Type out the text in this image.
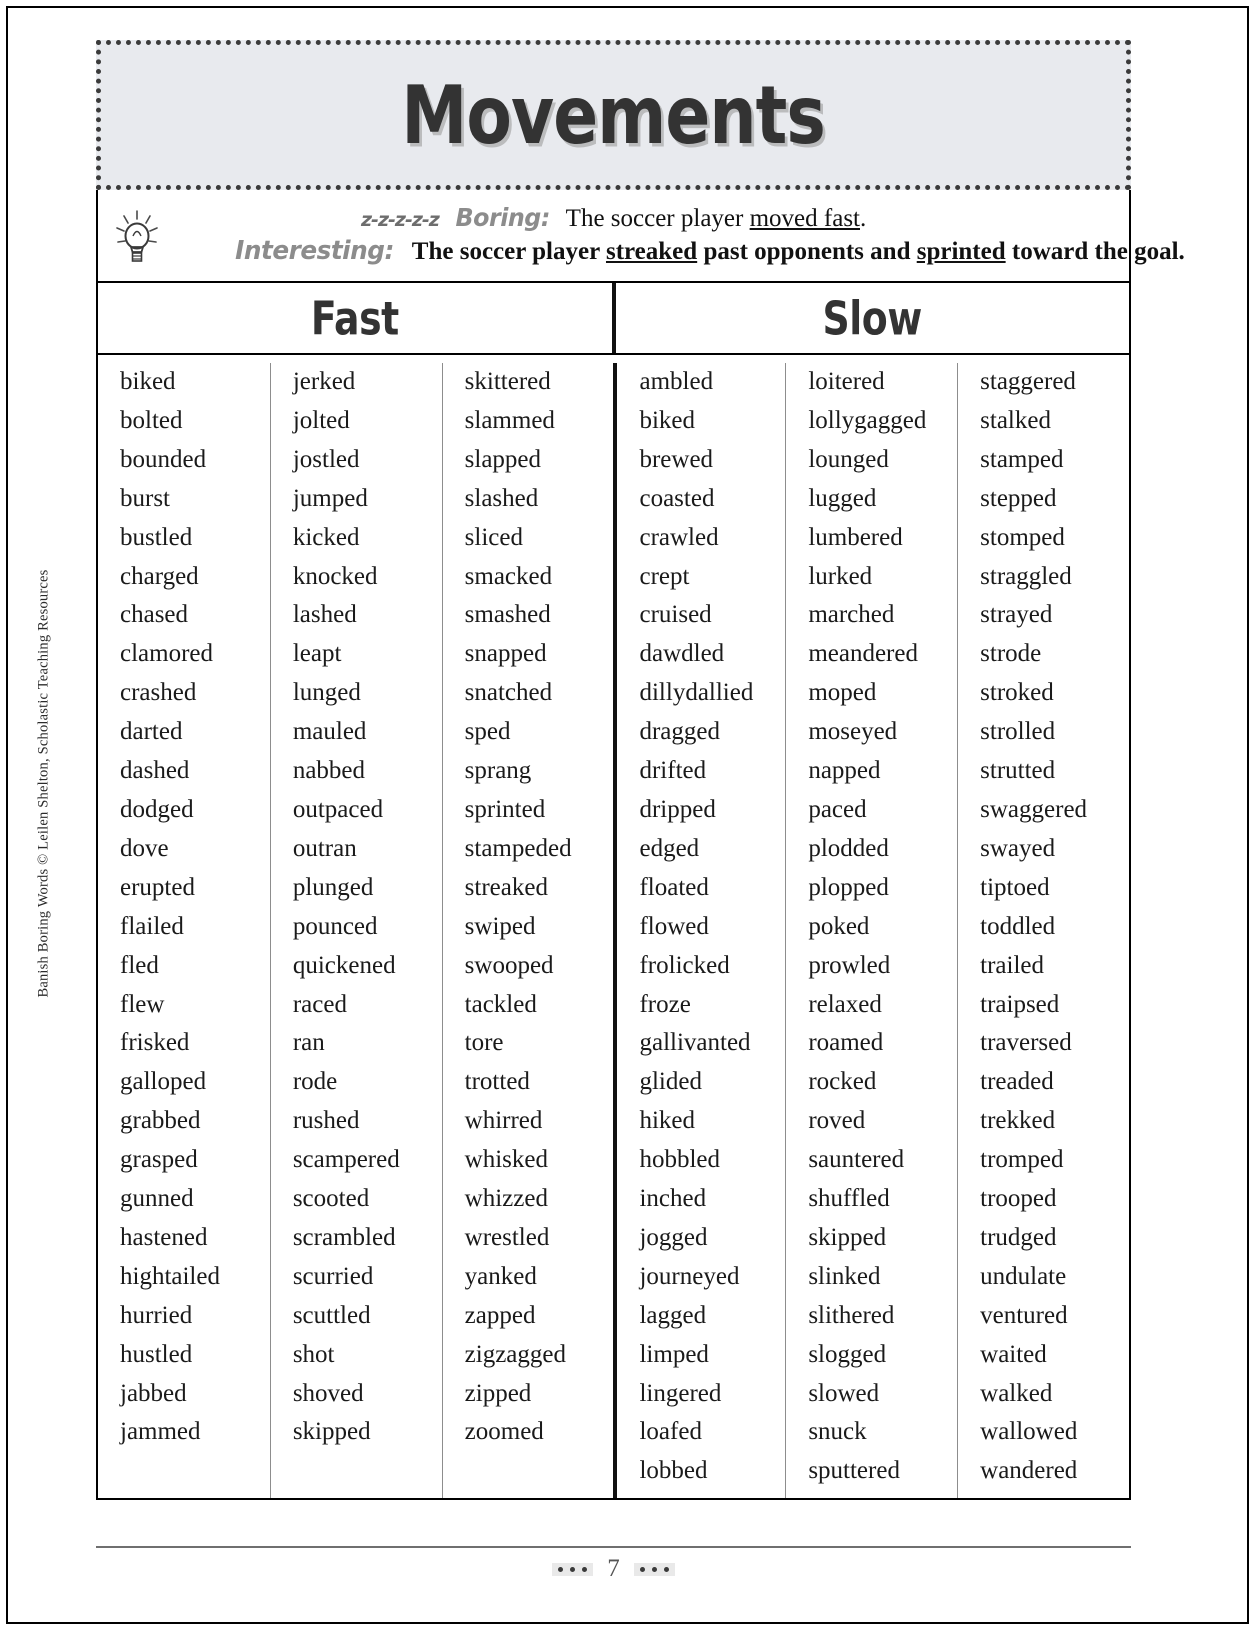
Banish Boring Words © Leilen Shelton, Scholastic Teaching Resources
Movements
z-z-z-z-z Boring: The soccer player moved fast.
Interesting: The soccer player streaked past opponents and sprinted toward the goal.
Fast	Slow
biked
bolted
bounded
burst
bustled
charged
chased
clamored
crashed
darted
dashed
dodged
dove
erupted
flailed
fled
flew
frisked
galloped
grabbed
grasped
gunned
hastened
hightailed
hurried
hustled
jabbed
jammed
jerked
jolted
jostled
jumped
kicked
knocked
lashed
leapt
lunged
mauled
nabbed
outpaced
outran
plunged
pounced
quickened
raced
ran
rode
rushed
scampered
scooted
scrambled
scurried
scuttled
shot
shoved
skipped
skittered
slammed
slapped
slashed
sliced
smacked
smashed
snapped
snatched
sped
sprang
sprinted
stampeded
streaked
swiped
swooped
tackled
tore
trotted
whirred
whisked
whizzed
wrestled
yanked
zapped
zigzagged
zipped
zoomed
ambled
biked
brewed
coasted
crawled
crept
cruised
dawdled
dillydallied
dragged
drifted
dripped
edged
floated
flowed
frolicked
froze
gallivanted
glided
hiked
hobbled
inched
jogged
journeyed
lagged
limped
lingered
loafed
lobbed
loitered
lollygagged
lounged
lugged
lumbered
lurked
marched
meandered
moped
moseyed
napped
paced
plodded
plopped
poked
prowled
relaxed
roamed
rocked
roved
sauntered
shuffled
skipped
slinked
slithered
slogged
slowed
snuck
sputtered
staggered
stalked
stamped
stepped
stomped
straggled
strayed
strode
stroked
strolled
strutted
swaggered
swayed
tiptoed
toddled
trailed
traipsed
traversed
treaded
trekked
tromped
trooped
trudged
undulate
ventured
waited
walked
wallowed
wandered
7
